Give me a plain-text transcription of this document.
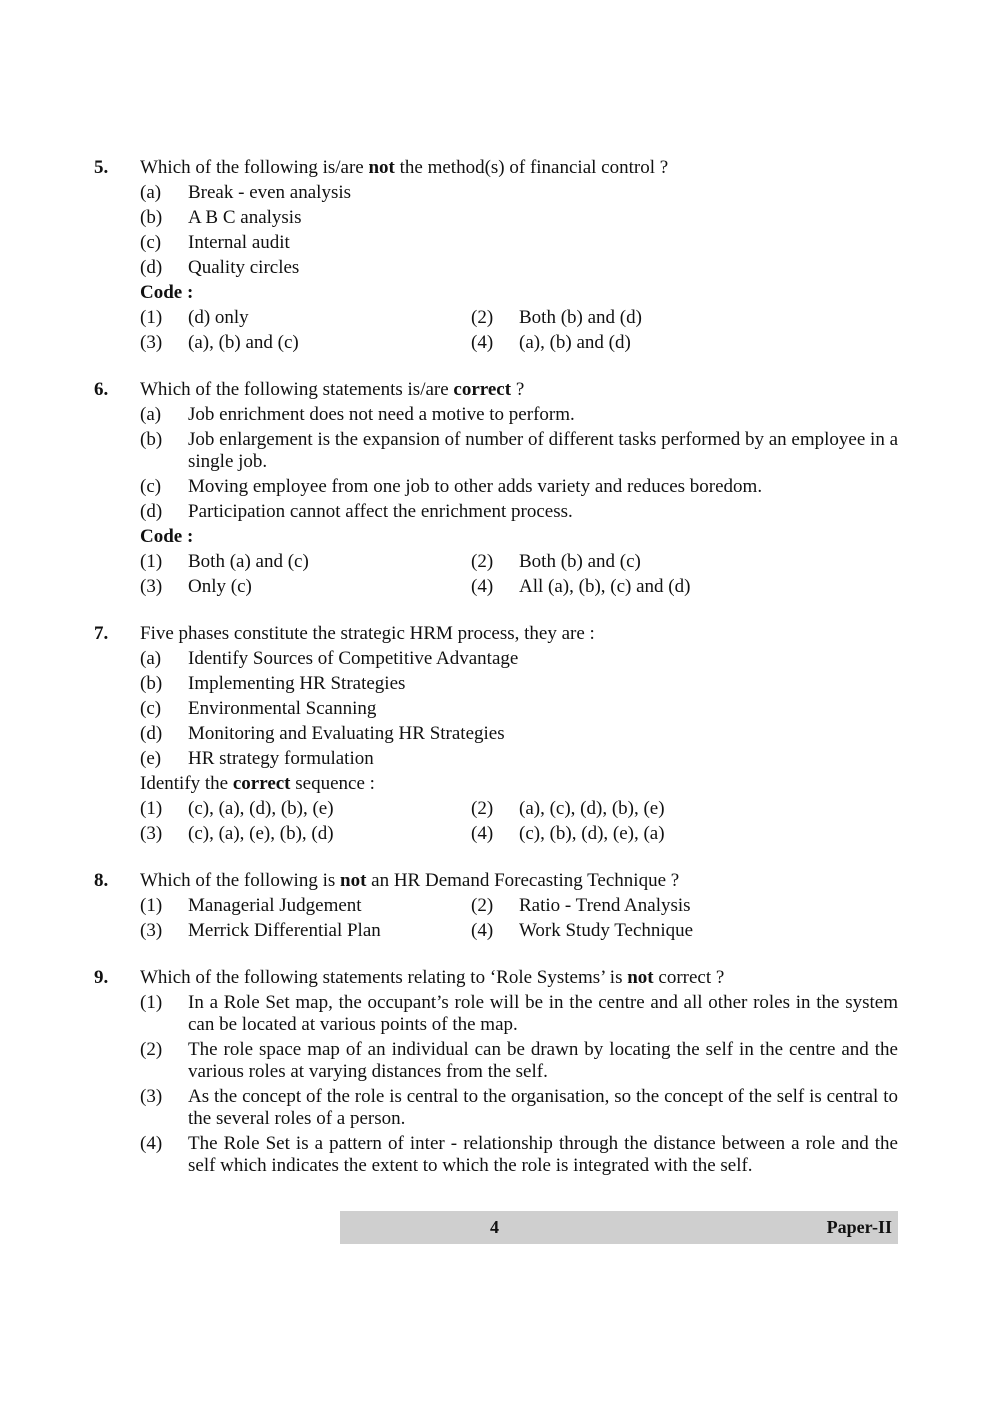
5.	Which of the following is/are not the method(s) of financial control ?
(a)	Break - even analysis
(b)	A B C analysis
(c)	Internal audit
(d)	Quality circles
Code :
(1)	(d) only	(2)	Both (b) and (d)
(3)	(a), (b) and (c)	(4)	(a), (b) and (d)
6.	Which of the following statements is/are correct ?
(a)	Job enrichment does not need a motive to perform.
(b)	Job enlargement is the expansion of number of different tasks performed by an employee in a single job.
(c)	Moving employee from one job to other adds variety and reduces boredom.
(d)	Participation cannot affect the enrichment process.
Code :
(1)	Both (a) and (c)	(2)	Both (b) and (c)
(3)	Only (c)	(4)	All (a), (b), (c) and (d)
7.	Five phases constitute the strategic HRM process, they are :
(a)	Identify Sources of Competitive Advantage
(b)	Implementing HR Strategies
(c)	Environmental Scanning
(d)	Monitoring and Evaluating HR Strategies
(e)	HR strategy formulation
Identify the correct sequence :
(1)	(c), (a), (d), (b), (e)	(2)	(a), (c), (d), (b), (e)
(3)	(c), (a), (e), (b), (d)	(4)	(c), (b), (d), (e), (a)
8.	Which of the following is not an HR Demand Forecasting Technique ?
(1)	Managerial Judgement	(2)	Ratio - Trend Analysis
(3)	Merrick Differential Plan	(4)	Work Study Technique
9.	Which of the following statements relating to ‘Role Systems’ is not correct ?
(1)	In a Role Set map, the occupant’s role will be in the centre and all other roles in the system can be located at various points of the map.
(2)	The role space map of an individual can be drawn by locating the self in the centre and the various roles at varying distances from the self.
(3)	As the concept of the role is central to the organisation, so the concept of the self is central to the several roles of a person.
(4)	The Role Set is a pattern of inter - relationship through the distance between a role and the self which indicates the extent to which the role is integrated with the self.
4	Paper-II
